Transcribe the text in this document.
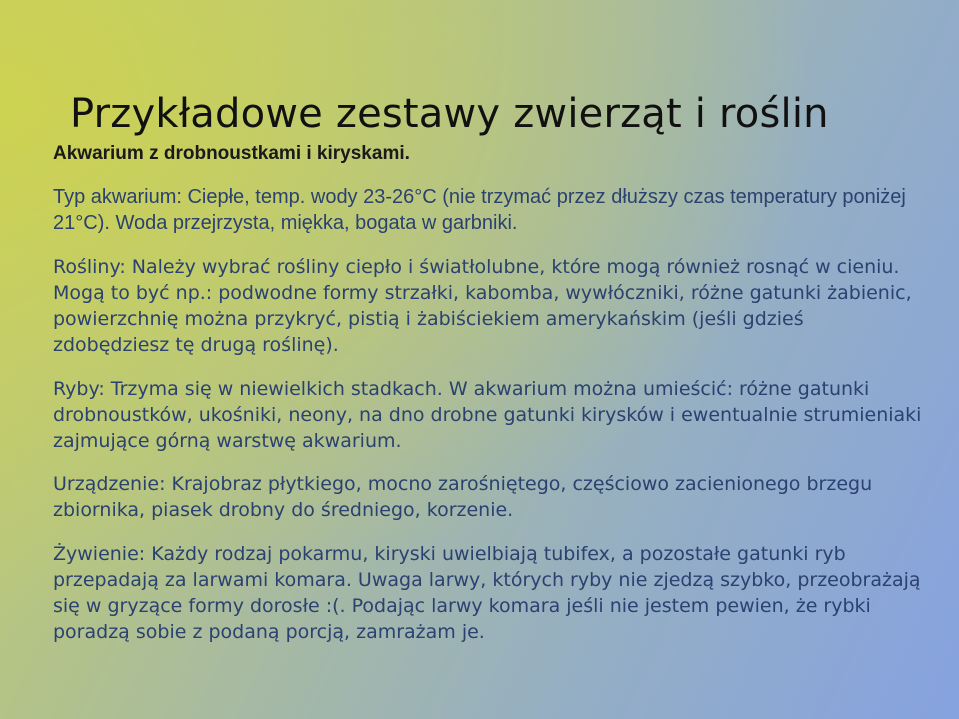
Przykładowe zestawy zwierząt i roślin
Akwarium z drobnoustkami i kiryskami.

Typ akwarium: Ciepłe, temp. wody 23-26°C (nie trzymać przez dłuższy czas temperatury poniżej 21°C). Woda przejrzysta, miękka, bogata w garbniki.

Rośliny: Należy wybrać rośliny ciepło i światłolubne, które mogą również rosnąć w cieniu. Mogą to być np.: podwodne formy strzałki, kabomba, wywłóczniki, różne gatunki żabienic, powierzchnię można przykryć, pistią i żabiściekiem amerykańskim (jeśli gdzieś zdobędziesz tę drugą roślinę).

Ryby: Trzyma się w niewielkich stadkach. W akwarium można umieścić: różne gatunki drobnoustków, ukośniki, neony, na dno drobne gatunki kirysków i ewentualnie strumieniaki zajmujące górną warstwę akwarium.

Urządzenie: Krajobraz płytkiego, mocno zarośniętego, częściowo zacienionego brzegu zbiornika, piasek drobny do średniego, korzenie.

Żywienie: Każdy rodzaj pokarmu, kiryski uwielbiają tubifex, a pozostałe gatunki ryb przepadają za larwami komara. Uwaga larwy, których ryby nie zjedzą szybko, przeobrażają się w gryzące formy dorosłe :(. Podając larwy komara jeśli nie jestem pewien, że rybki poradzą sobie z podaną porcją, zamrażam je.
